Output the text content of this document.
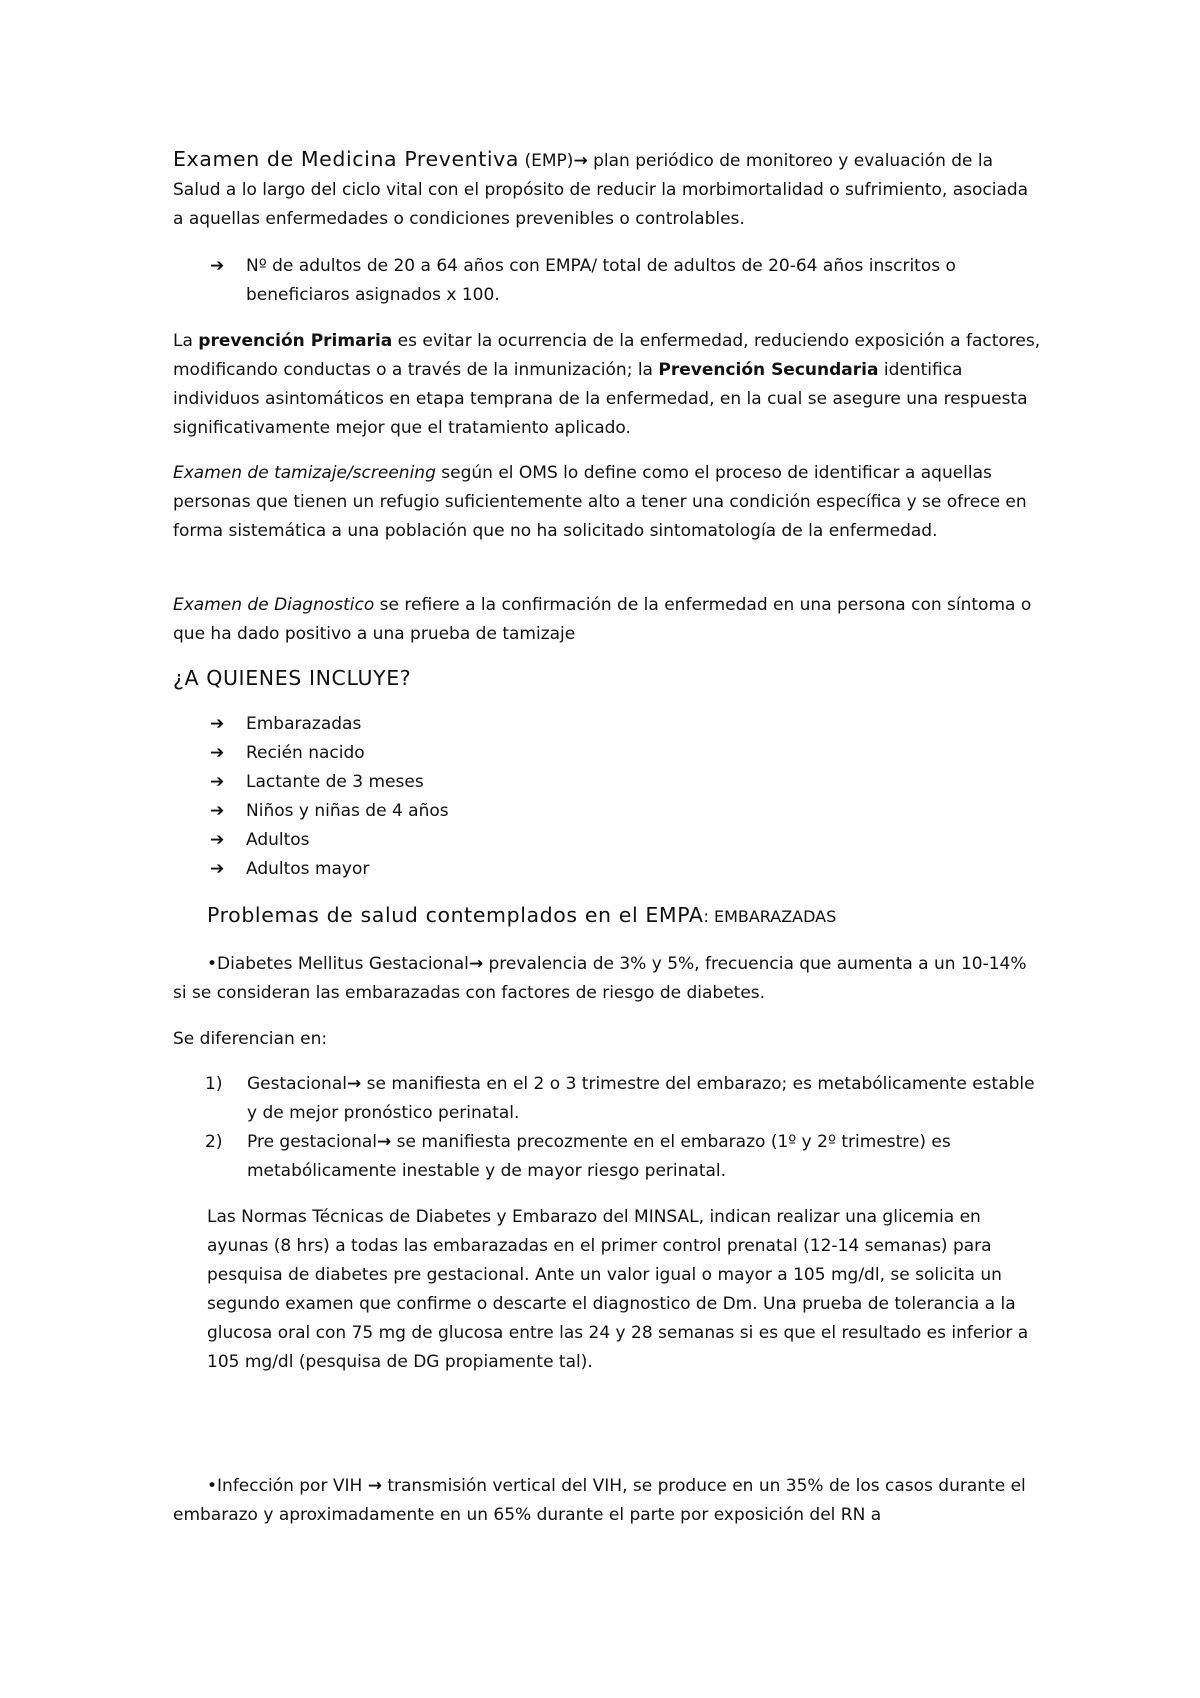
Examen de Medicina Preventiva (EMP)→ plan periódico de monitoreo y evaluación de la Salud a lo largo del ciclo vital con el propósito de reducir la morbimortalidad o sufrimiento, asociada a aquellas enfermedades o condiciones prevenibles o controlables.

➔ Nº de adultos de 20 a 64 años con EMPA/ total de adultos de 20-64 años inscritos o beneficiaros asignados x 100.

La prevención Primaria es evitar la ocurrencia de la enfermedad, reduciendo exposición a factores, modificando conductas o a través de la inmunización; la Prevención Secundaria identifica individuos asintomáticos en etapa temprana de la enfermedad, en la cual se asegure una respuesta significativamente mejor que el tratamiento aplicado.

Examen de tamizaje/screening según el OMS lo define como el proceso de identificar a aquellas personas que tienen un refugio suficientemente alto a tener una condición específica y se ofrece en forma sistemática a una población que no ha solicitado sintomatología de la enfermedad.

Examen de Diagnostico se refiere a la confirmación de la enfermedad en una persona con síntoma o que ha dado positivo a una prueba de tamizaje

¿A QUIENES INCLUYE?
➔ Embarazadas
➔ Recién nacido
➔ Lactante de 3 meses
➔ Niños y niñas de 4 años
➔ Adultos
➔ Adultos mayor
Problemas de salud contemplados en el EMPA: EMBARAZADAS
•Diabetes Mellitus Gestacional→ prevalencia de 3% y 5%, frecuencia que aumenta a un 10-14% si se consideran las embarazadas con factores de riesgo de diabetes.
Se diferencian en:
1) Gestacional→ se manifiesta en el 2 o 3 trimestre del embarazo; es metabólicamente estable y de mejor pronóstico perinatal.
2) Pre gestacional→ se manifiesta precozmente en el embarazo (1º y 2º trimestre) es metabólicamente inestable y de mayor riesgo perinatal.
Las Normas Técnicas de Diabetes y Embarazo del MINSAL, indican realizar una glicemia en ayunas (8 hrs) a todas las embarazadas en el primer control prenatal (12-14 semanas) para pesquisa de diabetes pre gestacional. Ante un valor igual o mayor a 105 mg/dl, se solicita un segundo examen que confirme o descarte el diagnostico de Dm. Una prueba de tolerancia a la glucosa oral con 75 mg de glucosa entre las 24 y 28 semanas si es que el resultado es inferior a 105 mg/dl (pesquisa de DG propiamente tal).
•Infección por VIH → transmisión vertical del VIH, se produce en un 35% de los casos durante el embarazo y aproximadamente en un 65% durante el parte por exposición del RN a
